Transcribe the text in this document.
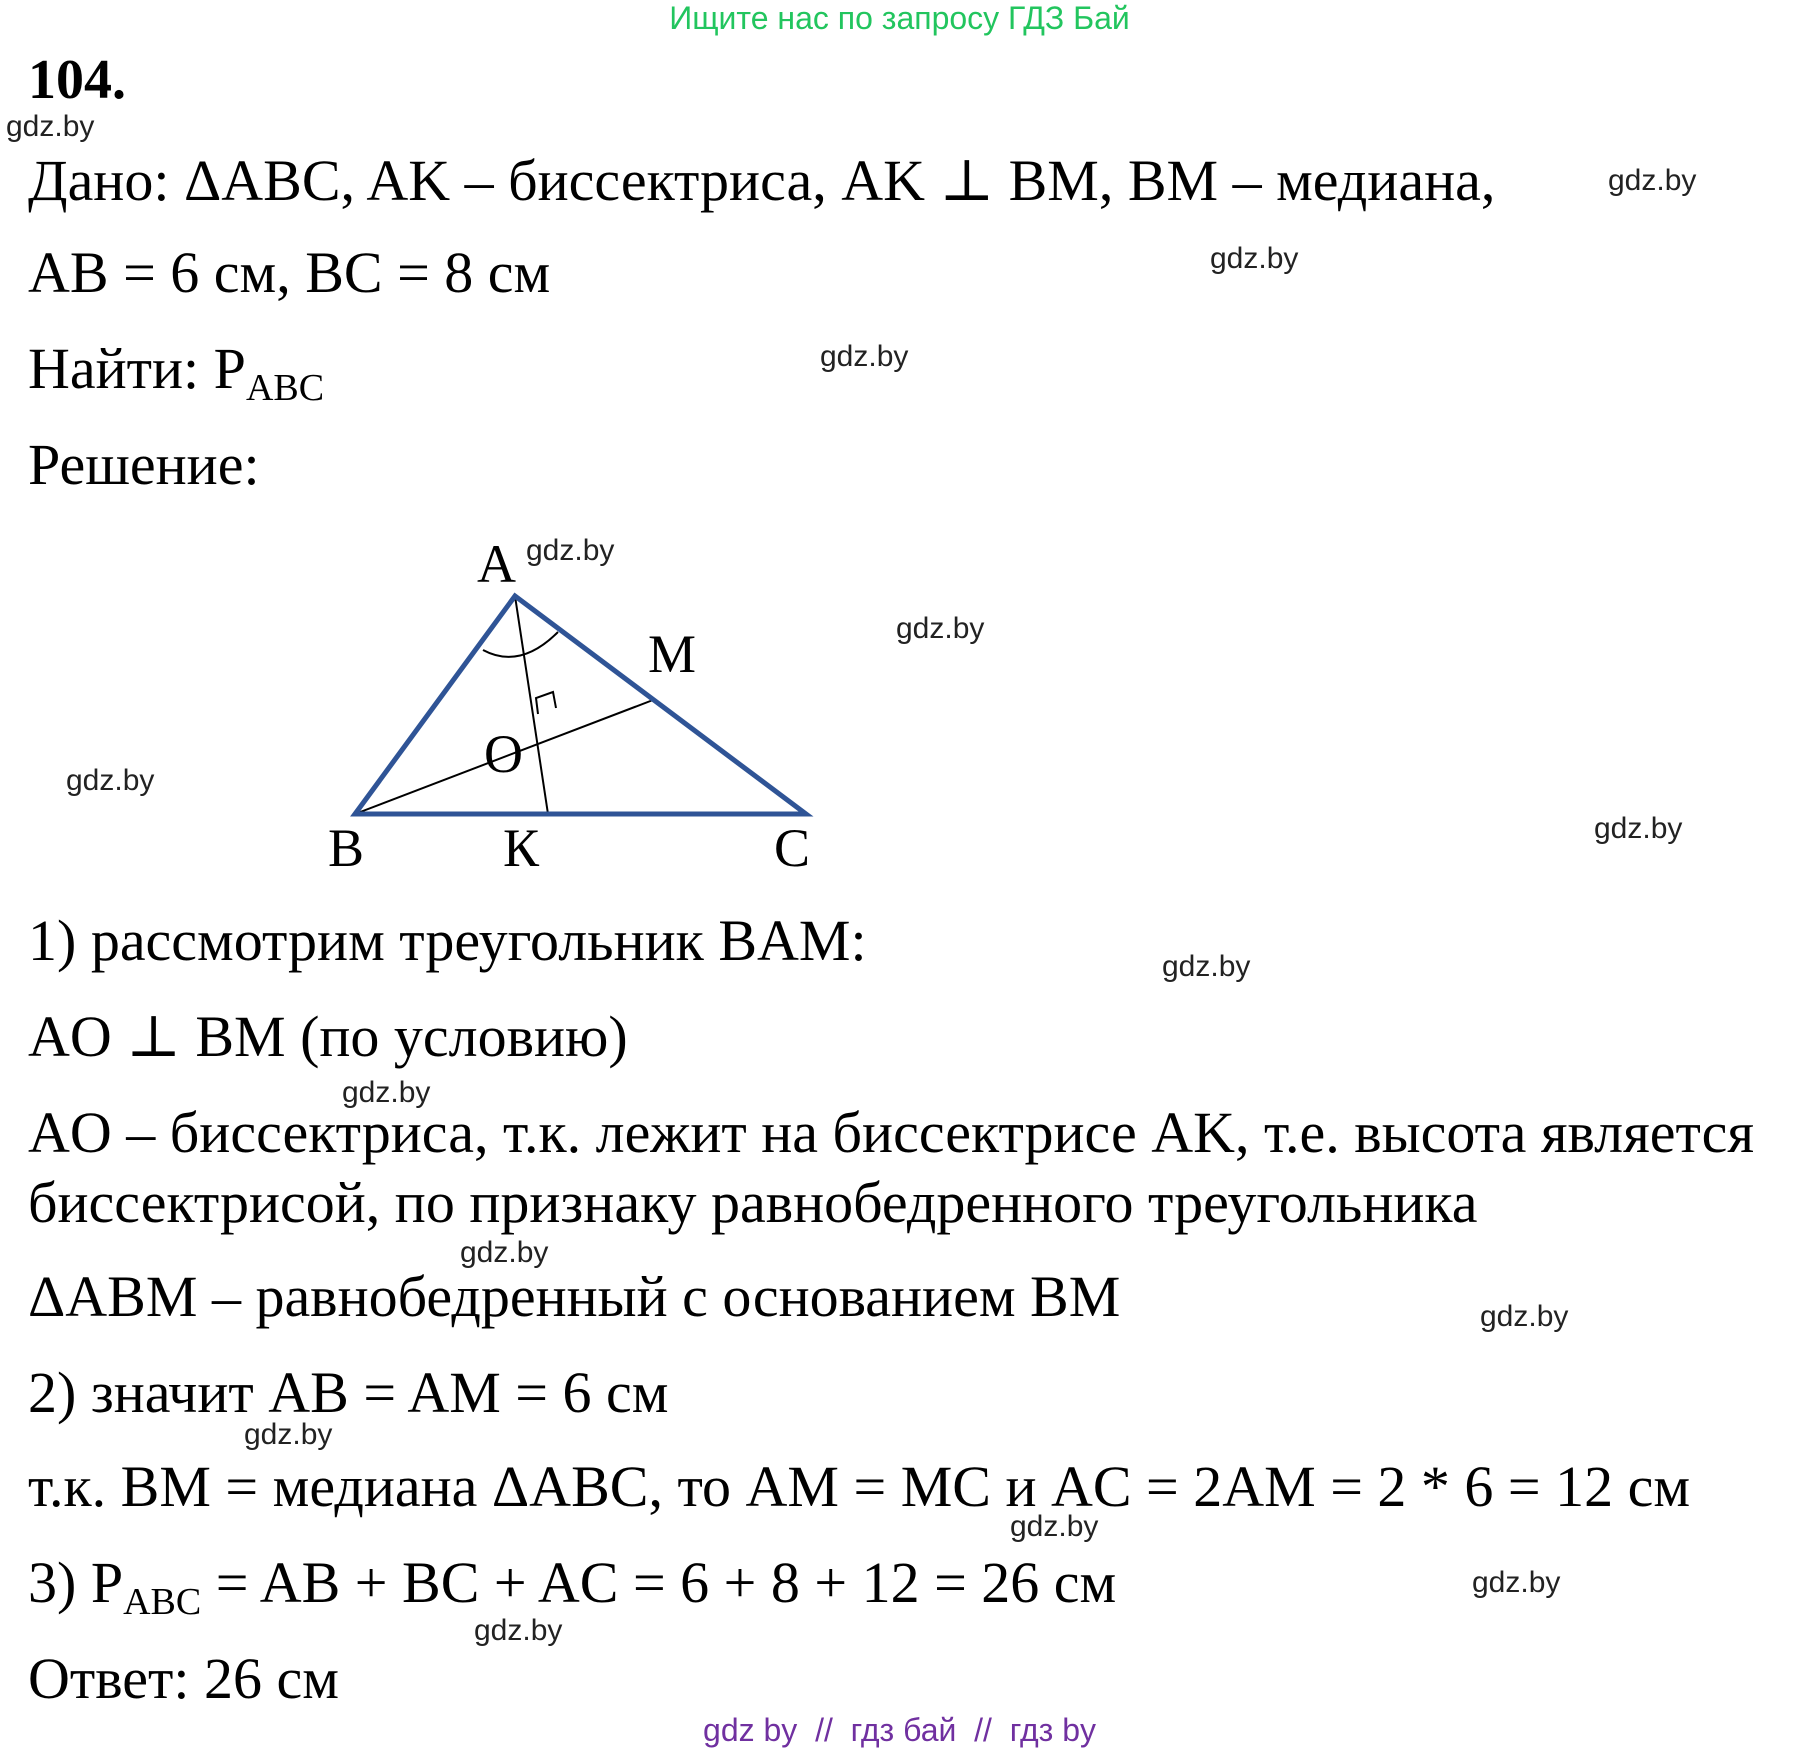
Ищите нас по запросу ГДЗ Бай
104.
Дано: ΔABC, AK – биссектриса, AK ⊥ BM, BM – медиана,
AB = 6 см, BC = 8 см
Найти: $P_{ABC}$
Решение:
A
M
O
B	К	C
1) рассмотрим треугольник BAM:
AO ⊥ BM (по условию)
AO – биссектриса, т.к. лежит на биссектрисе AK, т.е. высота является
биссектрисой, по признаку равнобедренного треугольника
ΔABM – равнобедренный с основанием BM
2) значит AB = AM = 6 см
т.к. BM = медиана ΔABC, то AM = MC и AC = 2AM = 2 * 6 = 12 см
3) $P_{ABC}$ = AB + BC + AC = 6 + 8 + 12 = 26 см
Ответ: 26 см
gdz.by
gdz.by
gdz.by
gdz.by
gdz.by
gdz.by
gdz.by
gdz.by
gdz.by
gdz.by
gdz.by
gdz.by
gdz.by
gdz.by
gdz.by
gdz.by
gdz by  //  гдз бай  //  гдз by
